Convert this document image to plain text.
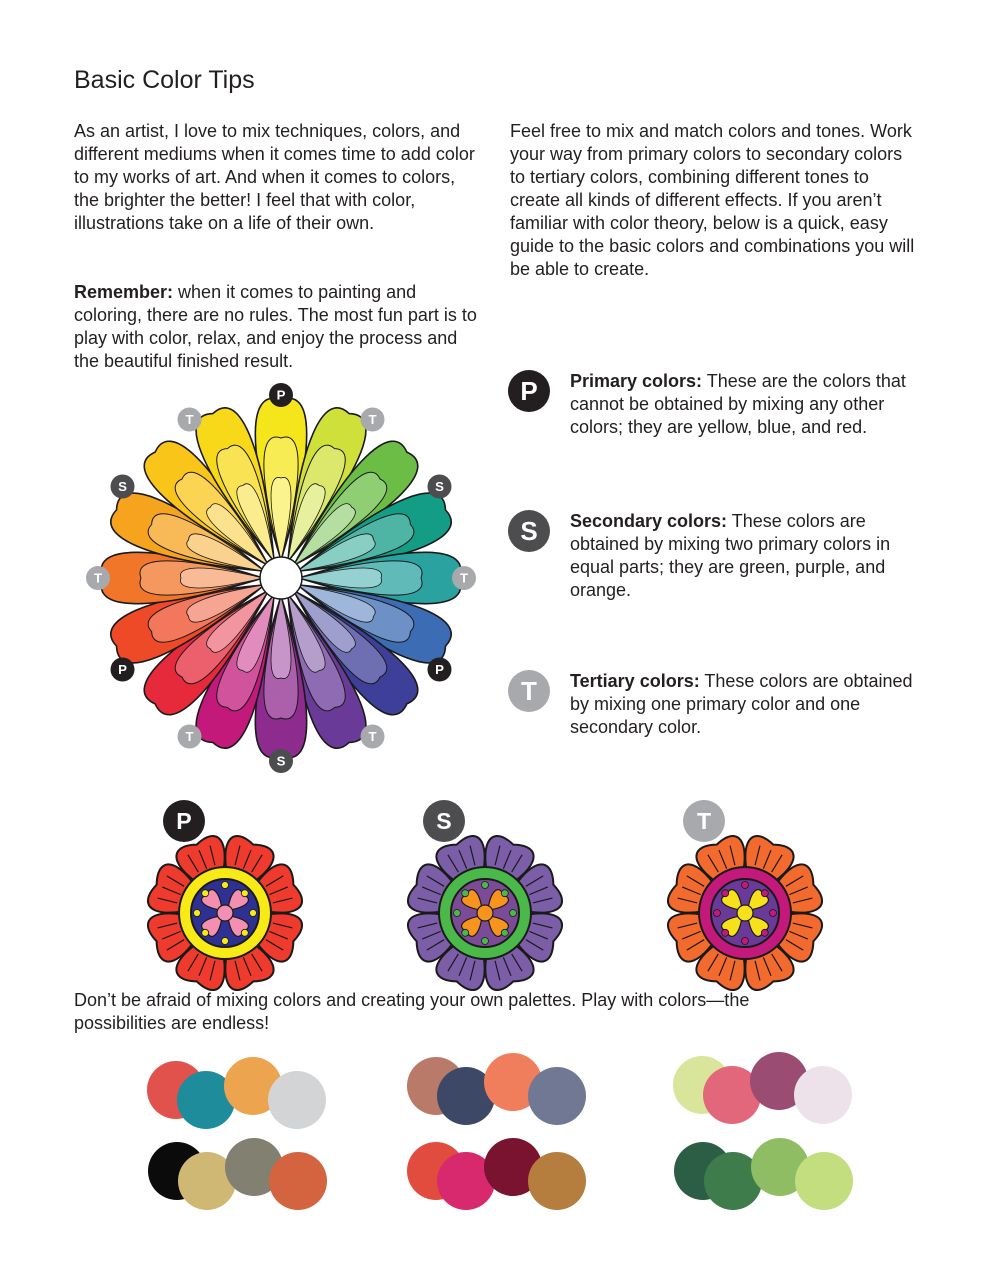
Basic Color Tips

As an artist, I love to mix techniques, colors, and different mediums when it comes time to add color to my works of art. And when it comes to colors, the brighter the better! I feel that with color, illustrations take on a life of their own.

Remember: when it comes to painting and coloring, there are no rules. The most fun part is to play with color, relax, and enjoy the process and the beautiful finished result.

Feel free to mix and match colors and tones. Work your way from primary colors to secondary colors to tertiary colors, combining different tones to create all kinds of different effects. If you aren’t familiar with color theory, below is a quick, easy guide to the basic colors and combinations you will be able to create.

P
T
S
T
P
T
S
T
P
T
S
T
P Primary colors: These are the colors that cannot be obtained by mixing any other colors; they are yellow, blue, and red.

S Secondary colors: These colors are obtained by mixing two primary colors in equal parts; they are green, purple, and orange.

T Tertiary colors: These colors are obtained by mixing one primary color and one secondary color.

P	S	T

Don’t be afraid of mixing colors and creating your own palettes. Play with colors—the possibilities are endless!
